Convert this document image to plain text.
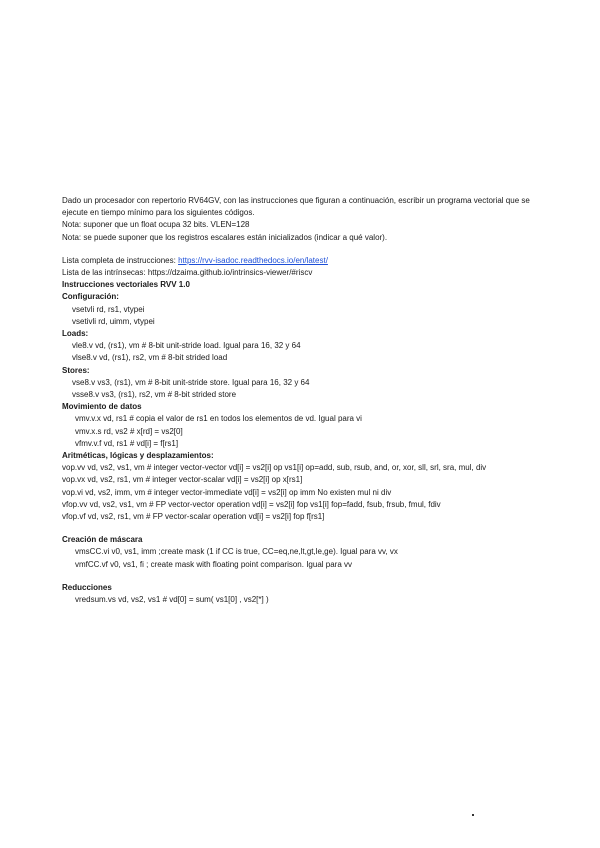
Dado un procesador con repertorio RV64GV, con las instrucciones que figuran a continuación, escribir un programa vectorial que se ejecute en tiempo mínimo para los siguientes códigos.

Nota: suponer que un float ocupa 32 bits. VLEN=128

Nota: se puede suponer que los registros escalares están inicializados (indicar a qué valor).

Lista completa de instrucciones: https://rvv-isadoc.readthedocs.io/en/latest/

Lista de las intrínsecas: https://dzaima.github.io/intrinsics-viewer/#riscv

Instrucciones vectoriales RVV 1.0

Configuración:

vsetvli rd, rs1, vtypei

vsetivli rd, uimm, vtypei

Loads:

vle8.v vd, (rs1), vm # 8-bit unit-stride load. Igual para 16, 32 y 64

vlse8.v vd, (rs1), rs2, vm # 8-bit strided load

Stores:

vse8.v vs3, (rs1), vm # 8-bit unit-stride store. Igual para 16, 32 y 64

vsse8.v vs3, (rs1), rs2, vm # 8-bit strided store

Movimiento de datos

vmv.v.x vd, rs1 # copia el valor de rs1 en todos los elementos de vd. Igual para vi

vmv.x.s rd, vs2 # x[rd] = vs2[0]

vfmv.v.f vd, rs1 # vd[i] = f[rs1]

Aritméticas, lógicas y desplazamientos:

vop.vv vd, vs2, vs1, vm # integer vector-vector vd[i] = vs2[i] op vs1[i] op=add, sub, rsub, and, or, xor, sll, srl, sra, mul, div

vop.vx vd, vs2, rs1, vm # integer vector-scalar vd[i] = vs2[i] op x[rs1]

vop.vi vd, vs2, imm, vm # integer vector-immediate vd[i] = vs2[i] op imm No existen mul ni div

vfop.vv vd, vs2, vs1, vm # FP vector-vector operation vd[i] = vs2[i] fop vs1[i] fop=fadd, fsub, frsub, fmul, fdiv

vfop.vf vd, vs2, rs1, vm # FP vector-scalar operation vd[i] = vs2[i] fop f[rs1]

Creación de máscara

vmsCC.vi v0, vs1, imm ;create mask (1 if CC is true, CC=eq,ne,lt,gt,le,ge). Igual para vv, vx

vmfCC.vf v0, vs1, fi ; create mask with floating point comparison. Igual para vv

Reducciones

vredsum.vs vd, vs2, vs1 # vd[0] = sum( vs1[0] , vs2[*] )
